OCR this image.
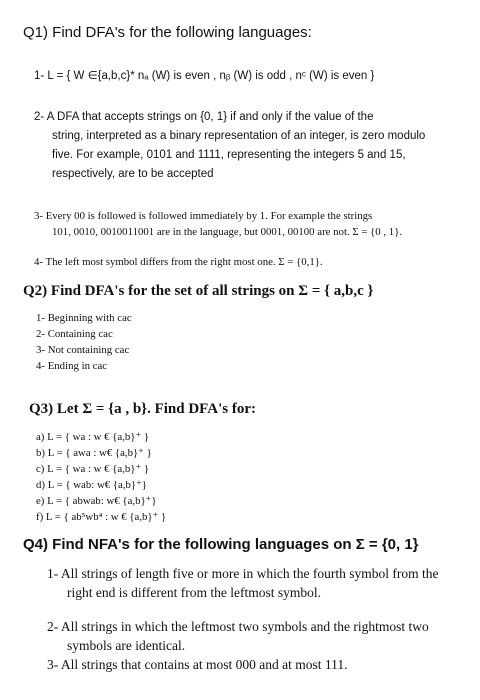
Q1) Find DFA's for the following languages:
1- L = { W ∈{a,b,c}* nₐ (W) is even , nᵦ (W) is odd , nᶜ (W) is even }
2- A DFA that accepts strings on {0, 1} if and only if the value of the
string, interpreted as a binary representation of an integer, is zero modulo
five. For example, 0101 and 1111, representing the integers 5 and 15,
respectively, are to be accepted
3- Every 00 is followed is followed immediately by 1. For example the strings
101, 0010, 0010011001 are in the language, but 0001, 00100 are not. Σ = {0 , 1}.
4- The left most symbol differs from the right most one. Σ = {0,1}.
Q2) Find DFA's for the set of all strings on Σ = { a,b,c }
1- Beginning with cac
2- Containing cac
3- Not containing cac
4- Ending in cac
Q3) Let Σ = {a , b}. Find DFA's for:
a) L = { wa : w € {a,b}⁺ }
b) L = { awa : w€ {a,b}⁺ }
c) L = { wa : w € {a,b}⁺ }
d) L = { wab: w€ {a,b}⁺}
e) L = { abwab: w€ {a,b}⁺}
f) L = { ab⁵wb⁴ : w € {a,b}⁺ }
Q4) Find NFA's for the following languages on Σ = {0, 1}
1- All strings of length five or more in which the fourth symbol from the
right end is different from the leftmost symbol.
2- All strings in which the leftmost two symbols and the rightmost two
symbols are identical.
3- All strings that contains at most 000 and at most 111.
